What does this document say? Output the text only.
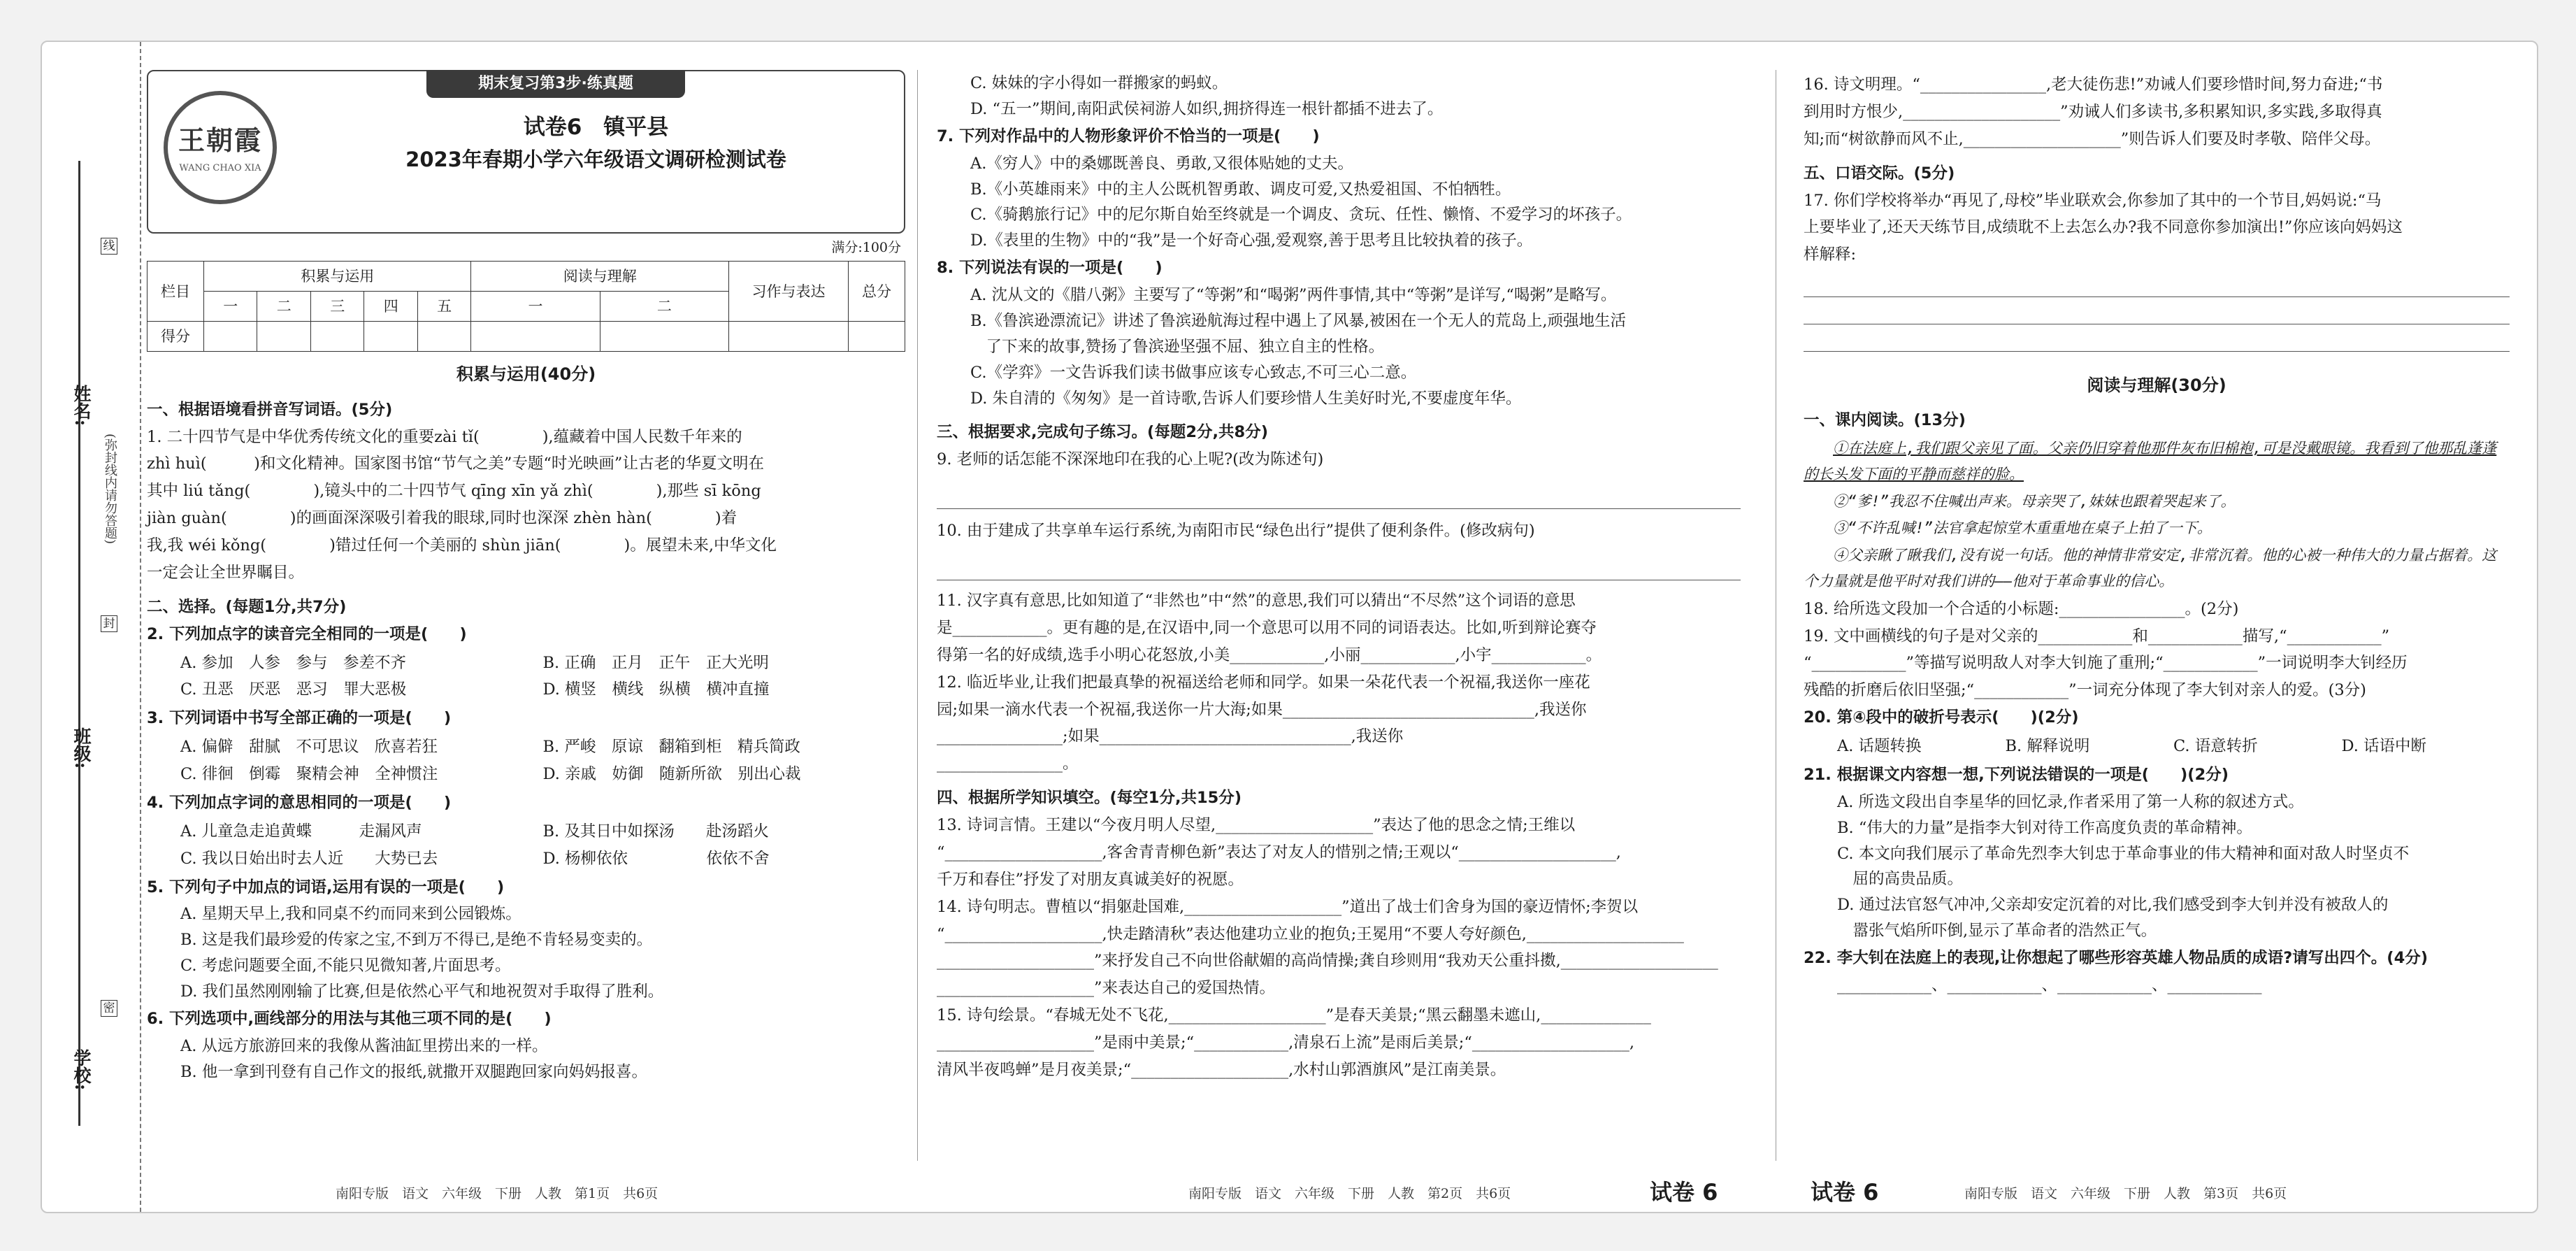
姓名:
班级:
学校:
(弥封线内请勿答题)
线
封
密
期末复习第3步·练真题
王朝霞
WANG CHAO XIA
试卷6　镇平县
2023年春期小学六年级语文调研检测试卷
满分:100分
栏目	积累与运用					阅读与理解		习作与表达	总分
	一	二	三	四	五	一	二		
得分									
积累与运用(40分)
一、根据语境看拼音写词语。(5分)
1. 二十四节气是中华优秀传统文化的重要zài tǐ(　　　　),蕴藏着中国人民数千年来的
zhì huì(　　　)和文化精神。国家图书馆“节气之美”专题“时光映画”让古老的华夏文明在
其中 liú tǎng(　　　　),镜头中的二十四节气 qīng xīn yǎ zhì(　　　　),那些 sī kōng
jiàn guàn(　　　　)的画面深深吸引着我的眼球,同时也深深 zhèn hàn(　　　　)着
我,我 wéi kǒng(　　　　)错过任何一个美丽的 shùn jiān(　　　　)。展望未来,中华文化
一定会让全世界瞩目。
二、选择。(每题1分,共7分)
2. 下列加点字的读音完全相同的一项是(　　)
A. 参加　人参　参与　参差不齐	B. 正确　正月　正午　正大光明
C. 丑恶　厌恶　恶习　罪大恶极	D. 横竖　横线　纵横　横冲直撞
3. 下列词语中书写全部正确的一项是(　　)
A. 偏僻　甜腻　不可思议　欣喜若狂	B. 严峻　原谅　翻箱到柜　精兵简政
C. 徘徊　倒霉　聚精会神　全神惯注	D. 亲戚　妨御　随新所欲　别出心裁
4. 下列加点字词的意思相同的一项是(　　)
A. 儿童急走追黄蝶　　　走漏风声	B. 及其日中如探汤　　赴汤蹈火
C. 我以日始出时去人近　　大势已去	D. 杨柳依依　　　　　依依不舍
5. 下列句子中加点的词语,运用有误的一项是(　　)
A. 星期天早上,我和同桌不约而同来到公园锻炼。
B. 这是我们最珍爱的传家之宝,不到万不得已,是绝不肯轻易变卖的。
C. 考虑问题要全面,不能只见微知著,片面思考。
D. 我们虽然刚刚输了比赛,但是依然心平气和地祝贺对手取得了胜利。
6. 下列选项中,画线部分的用法与其他三项不同的是(　　)
A. 从远方旅游回来的我像从酱油缸里捞出来的一样。
B. 他一拿到刊登有自己作文的报纸,就撒开双腿跑回家向妈妈报喜。
南阳专版　语文　六年级　下册　人教　第1页　共6页
C. 妹妹的字小得如一群搬家的蚂蚁。
D. “五一”期间,南阳武侯祠游人如织,拥挤得连一根针都插不进去了。
7. 下列对作品中的人物形象评价不恰当的一项是(　　)
A.《穷人》中的桑娜既善良、勇敢,又很体贴她的丈夫。
B.《小英雄雨来》中的主人公既机智勇敢、调皮可爱,又热爱祖国、不怕牺牲。
C.《骑鹅旅行记》中的尼尔斯自始至终就是一个调皮、贪玩、任性、懒惰、不爱学习的坏孩子。
D.《表里的生物》中的“我”是一个好奇心强,爱观察,善于思考且比较执着的孩子。
8. 下列说法有误的一项是(　　)
A. 沈从文的《腊八粥》主要写了“等粥”和“喝粥”两件事情,其中“等粥”是详写,“喝粥”是略写。
B.《鲁滨逊漂流记》讲述了鲁滨逊航海过程中遇上了风暴,被困在一个无人的荒岛上,顽强地生活
　了下来的故事,赞扬了鲁滨逊坚强不屈、独立自主的性格。
C.《学弈》一文告诉我们读书做事应该专心致志,不可三心二意。
D. 朱自清的《匆匆》是一首诗歌,告诉人们要珍惜人生美好时光,不要虚度年华。
三、根据要求,完成句子练习。(每题2分,共8分)
9. 老师的话怎能不深深地印在我的心上呢?(改为陈述句)
10. 由于建成了共享单车运行系统,为南阳市民“绿色出行”提供了便利条件。(修改病句)
11. 汉字真有意思,比如知道了“非然也”中“然”的意思,我们可以猜出“不尽然”这个词语的意思
是____________。更有趣的是,在汉语中,同一个意思可以用不同的词语表达。比如,听到辩论赛夺
得第一名的好成绩,选手小明心花怒放,小美____________,小丽____________,小宇____________。
12. 临近毕业,让我们把最真挚的祝福送给老师和同学。如果一朵花代表一个祝福,我送你一座花
园;如果一滴水代表一个祝福,我送你一片大海;如果________________________________,我送你
________________;如果________________________________,我送你
________________。
四、根据所学知识填空。(每空1分,共15分)
13. 诗词言情。王建以“今夜月明人尽望,____________________”表达了他的思念之情;王维以
“____________________,客舍青青柳色新”表达了对友人的惜别之情;王观以“____________________,
千万和春住”抒发了对朋友真诚美好的祝愿。
14. 诗句明志。曹植以“捐躯赴国难,____________________”道出了战士们舍身为国的豪迈情怀;李贺以
“____________________,快走踏清秋”表达他建功立业的抱负;王冕用“不要人夸好颜色,____________________
____________________”来抒发自己不向世俗献媚的高尚情操;龚自珍则用“我劝天公重抖擞,____________________
____________________”来表达自己的爱国热情。
15. 诗句绘景。“春城无处不飞花,____________________”是春天美景;“黑云翻墨未遮山,______________
____________________”是雨中美景;“____________,清泉石上流”是雨后美景;“____________________,
清风半夜鸣蝉”是月夜美景;“____________________,水村山郭酒旗风”是江南美景。
南阳专版　语文　六年级　下册　人教　第2页　共6页	试卷 6
16. 诗文明理。“________________,老大徒伤悲!”劝诫人们要珍惜时间,努力奋进;“书
到用时方恨少,____________________”劝诫人们多读书,多积累知识,多实践,多取得真
知;而“树欲静而风不止,____________________”则告诉人们要及时孝敬、陪伴父母。
五、口语交际。(5分)
17. 你们学校将举办“再见了,母校”毕业联欢会,你参加了其中的一个节目,妈妈说:“马
上要毕业了,还天天练节目,成绩耽不上去怎么办?我不同意你参加演出!”你应该向妈妈这
样解释:
阅读与理解(30分)
一、课内阅读。(13分)

①在法庭上,我们跟父亲见了面。父亲仍旧穿着他那件灰布旧棉袍,可是没戴眼镜。我看到了他那乱蓬蓬的长头发下面的平静而慈祥的脸。

②“爹!”我忍不住喊出声来。母亲哭了,妹妹也跟着哭起来了。

③“不许乱喊!”法官拿起惊堂木重重地在桌子上拍了一下。

④父亲瞅了瞅我们,没有说一句话。他的神情非常安定,非常沉着。他的心被一种伟大的力量占据着。这个力量就是他平时对我们讲的——他对于革命事业的信心。

18. 给所选文段加一个合适的小标题:________________。(2分)
19. 文中画横线的句子是对父亲的____________和____________描写,“____________”
“____________”等描写说明敌人对李大钊施了重刑;“____________”一词说明李大钊经历
残酷的折磨后依旧坚强;“____________”一词充分体现了李大钊对亲人的爱。(3分)
20. 第④段中的破折号表示(　　)(2分)
A. 话题转换	B. 解释说明	C. 语意转折	D. 话语中断
21. 根据课文内容想一想,下列说法错误的一项是(　　)(2分)
A. 所选文段出自李星华的回忆录,作者采用了第一人称的叙述方式。
B. “伟大的力量”是指李大钊对待工作高度负责的革命精神。
C. 本文向我们展示了革命先烈李大钊忠于革命事业的伟大精神和面对敌人时坚贞不
　屈的高贵品质。
D. 通过法官怒气冲冲,父亲却安定沉着的对比,我们感受到李大钊并没有被敌人的
　嚣张气焰所吓倒,显示了革命者的浩然正气。
22. 李大钊在法庭上的表现,让你想起了哪些形容英雄人物品质的成语?请写出四个。(4分)
____________、____________、____________、____________
试卷 6	南阳专版　语文　六年级　下册　人教　第3页　共6页
